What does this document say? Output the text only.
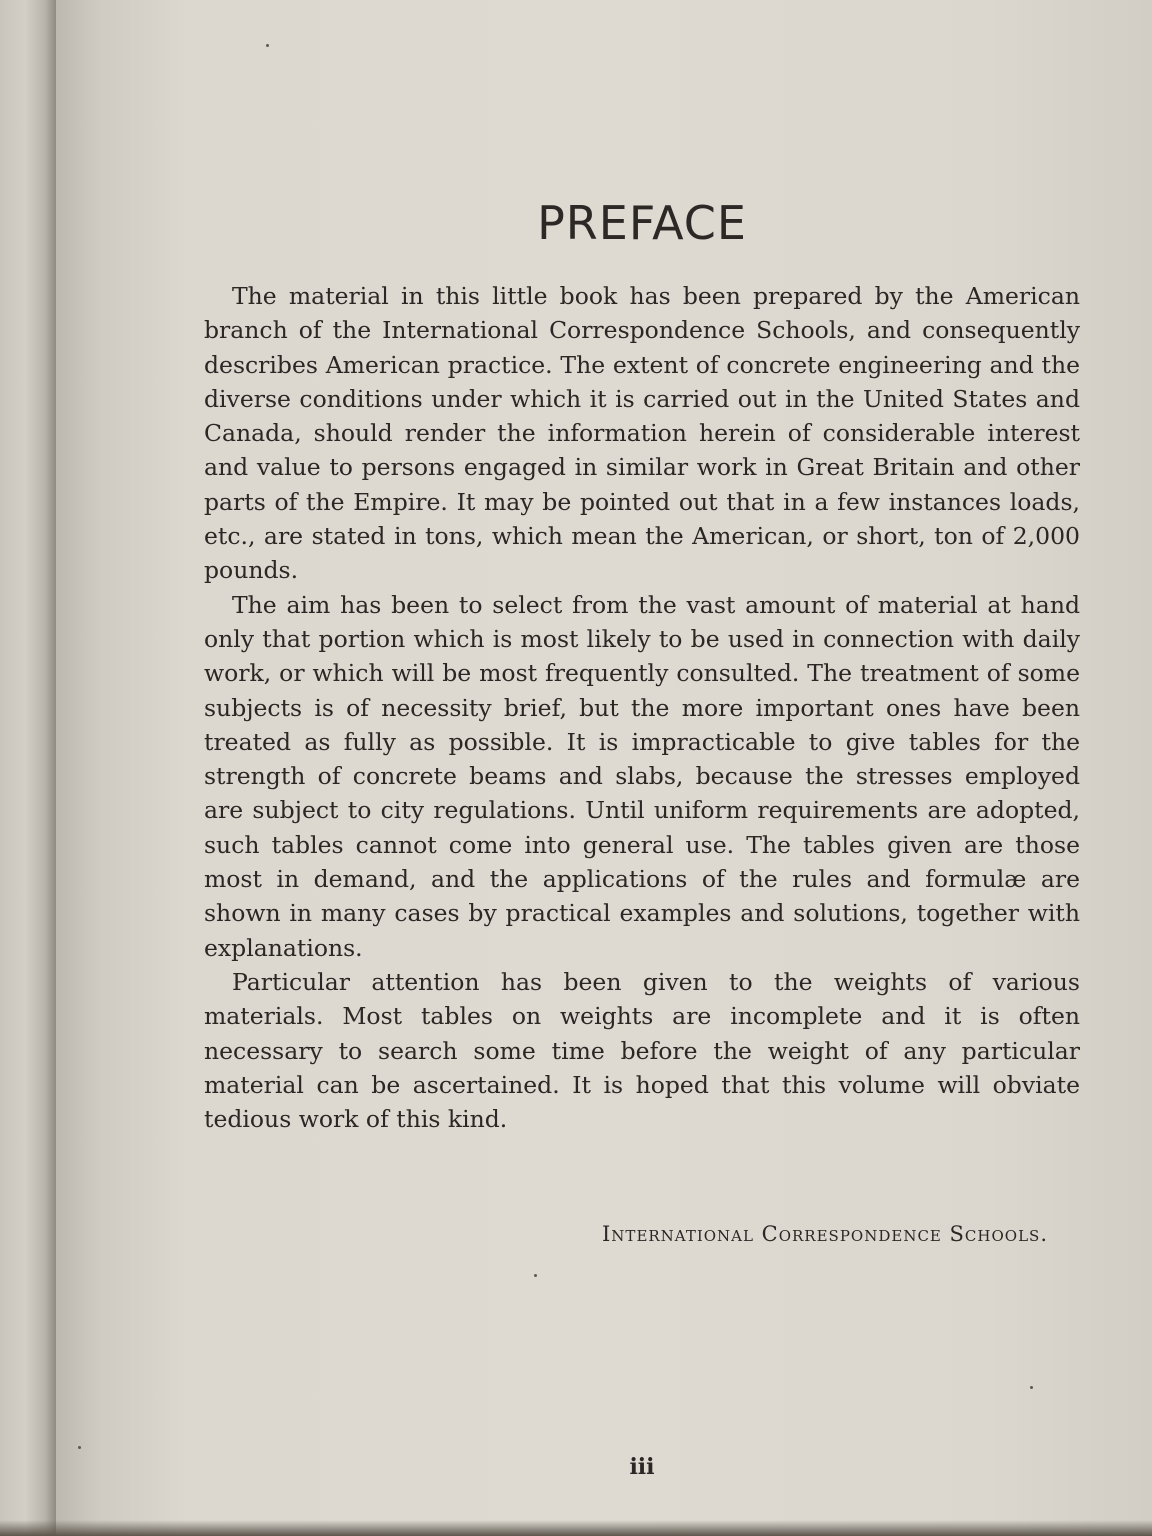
PREFACE

The material in this little book has been prepared by the American branch of the International Correspondence Schools, and consequently describes American practice. The extent of concrete engineering and the diverse conditions under which it is carried out in the United States and Canada, should render the information herein of considerable interest and value to persons engaged in similar work in Great Britain and other parts of the Empire. It may be pointed out that in a few instances loads, etc., are stated in tons, which mean the American, or short, ton of 2,000 pounds.

The aim has been to select from the vast amount of material at hand only that portion which is most likely to be used in connection with daily work, or which will be most frequently consulted. The treatment of some subjects is of necessity brief, but the more important ones have been treated as fully as possible. It is impracticable to give tables for the strength of concrete beams and slabs, because the stresses employed are subject to city regulations. Until uniform requirements are adopted, such tables cannot come into general use. The tables given are those most in demand, and the applications of the rules and formulæ are shown in many cases by practical examples and solutions, together with explanations.

Particular attention has been given to the weights of various materials. Most tables on weights are incomplete and it is often necessary to search some time before the weight of any particular material can be ascertained. It is hoped that this volume will obviate tedious work of this kind.

International Correspondence Schools.
iii
